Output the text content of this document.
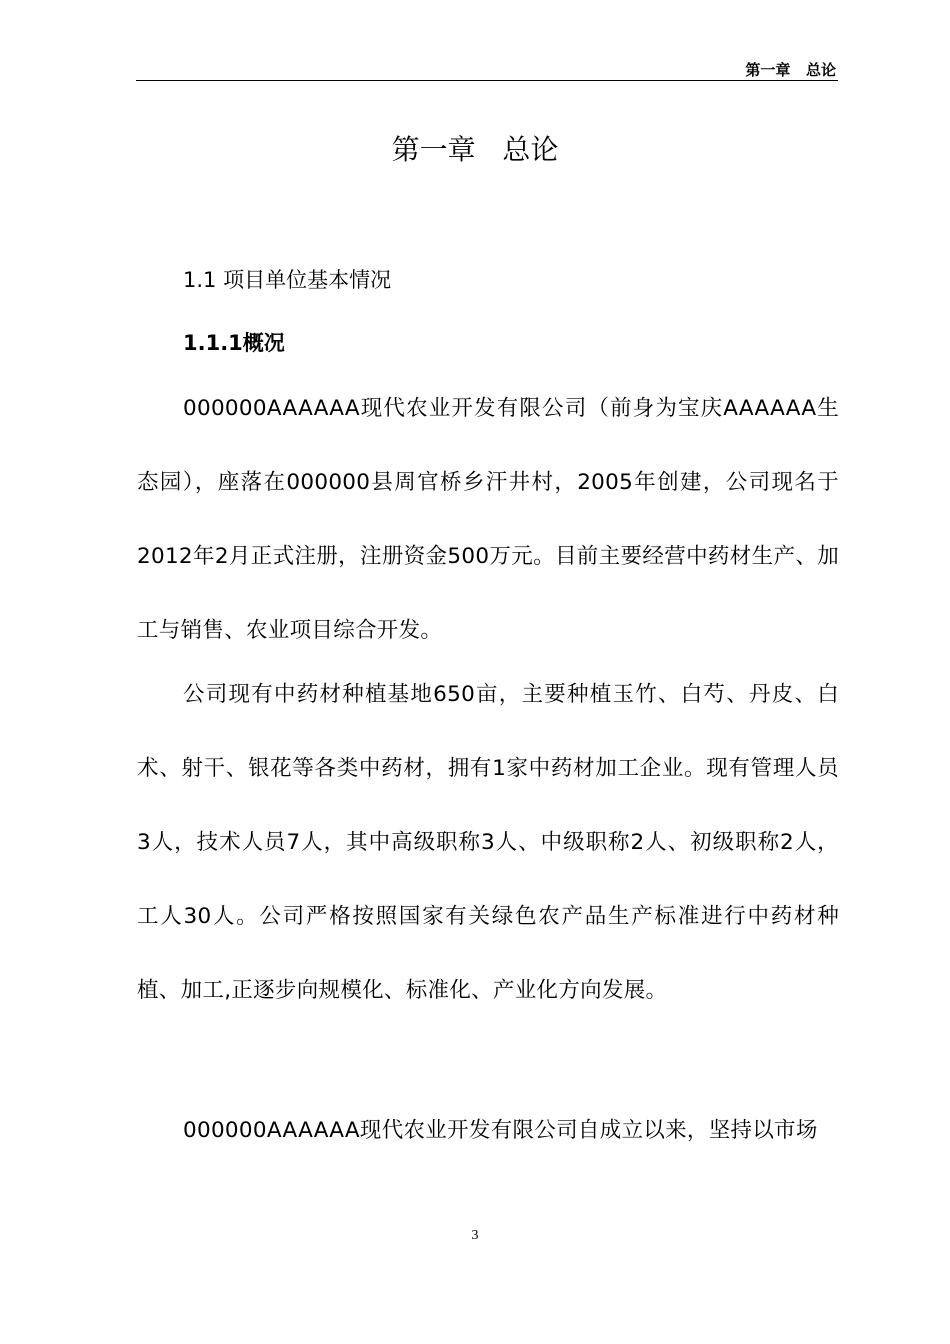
第一章   总论
第一章   总论
1.1 项目单位基本情况
1.1.1概况

000000AAAAAA现代农业开发有限公司（前身为宝庆AAAAAA生态园），座落在000000县周官桥乡汗井村，2005年创建，公司现名于2012年2月正式注册，注册资金500万元。目前主要经营中药材生产、加工与销售、农业项目综合开发。

公司现有中药材种植基地650亩，主要种植玉竹、白芍、丹皮、白术、射干、银花等各类中药材，拥有1家中药材加工企业。现有管理人员3人，技术人员7人，其中高级职称3人、中级职称2人、初级职称2人，工人30人。公司严格按照国家有关绿色农产品生产标准进行中药材种植、加工,正逐步向规模化、标准化、产业化方向发展。

000000AAAAAA现代农业开发有限公司自成立以来，坚持以市场

3
